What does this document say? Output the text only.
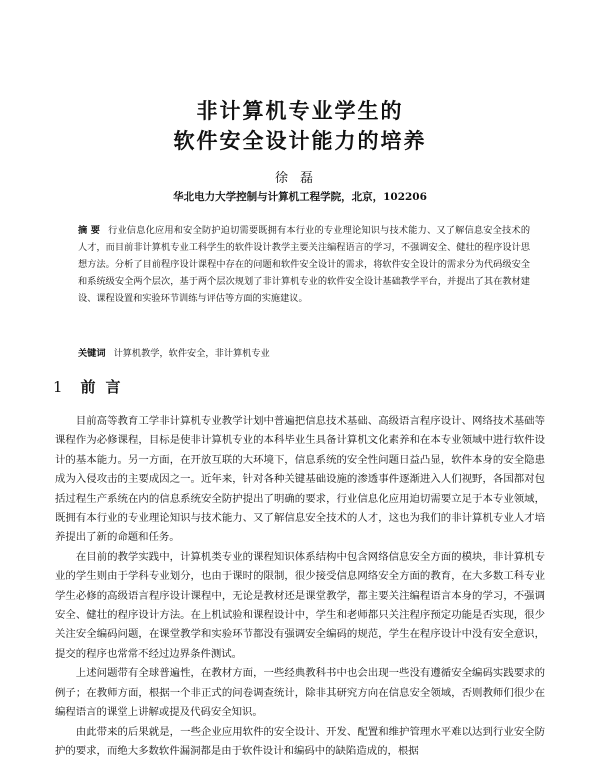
非计算机专业学生的
软件安全设计能力的培养
徐磊
华北电力大学控制与计算机工程学院，北京，102206
摘 要 行业信息化应用和安全防护迫切需要既拥有本行业的专业理论知识与技术能力、又了解信息安全技术的人才，而目前非计算机专业工科学生的软件设计教学主要关注编程语言的学习，不强调安全、健壮的程序设计思想方法。分析了目前程序设计课程中存在的问题和软件安全设计的需求，将软件安全设计的需求分为代码级安全和系统级安全两个层次，基于两个层次规划了非计算机专业的软件安全设计基础教学平台，并提出了其在教材建设、课程设置和实验环节训练与评估等方面的实施建议。
关键词 计算机教学，软件安全，非计算机专业
1 前言

目前高等教育工学非计算机专业教学计划中普遍把信息技术基础、高级语言程序设计、网络技术基础等课程作为必修课程，目标是使非计算机专业的本科毕业生具备计算机文化素养和在本专业领域中进行软件设计的基本能力。另一方面，在开放互联的大环境下，信息系统的安全性问题日益凸显，软件本身的安全隐患成为入侵攻击的主要成因之一。近年来，针对各种关键基础设施的渗透事件逐渐进入人们视野，各国都对包括过程生产系统在内的信息系统安全防护提出了明确的要求，行业信息化应用迫切需要立足于本专业领域，既拥有本行业的专业理论知识与技术能力、又了解信息安全技术的人才，这也为我们的非计算机专业人才培养提出了新的命题和任务。

在目前的教学实践中，计算机类专业的课程知识体系结构中包含网络信息安全方面的模块，非计算机专业的学生则由于学科专业划分，也由于课时的限制，很少接受信息网络安全方面的教育，在大多数工科专业学生必修的高级语言程序设计课程中，无论是教材还是课堂教学，都主要关注编程语言本身的学习，不强调安全、健壮的程序设计方法。在上机试验和课程设计中，学生和老师都只关注程序预定功能是否实现，很少关注安全编码问题，在课堂教学和实验环节都没有强调安全编码的规范，学生在程序设计中没有安全意识，提交的程序也常常不经过边界条件测试。

上述问题带有全球普遍性，在教材方面，一些经典教科书中也会出现一些没有遵循安全编码实践要求的例子；在教师方面，根据一个非正式的问卷调查统计，除非其研究方向在信息安全领域，否则教师们很少在编程语言的课堂上讲解或提及代码安全知识。

由此带来的后果就是，一些企业应用软件的安全设计、开发、配置和维护管理水平难以达到行业安全防护的要求，而绝大多数软件漏洞都是由于软件设计和编码中的缺陷造成的，根据
